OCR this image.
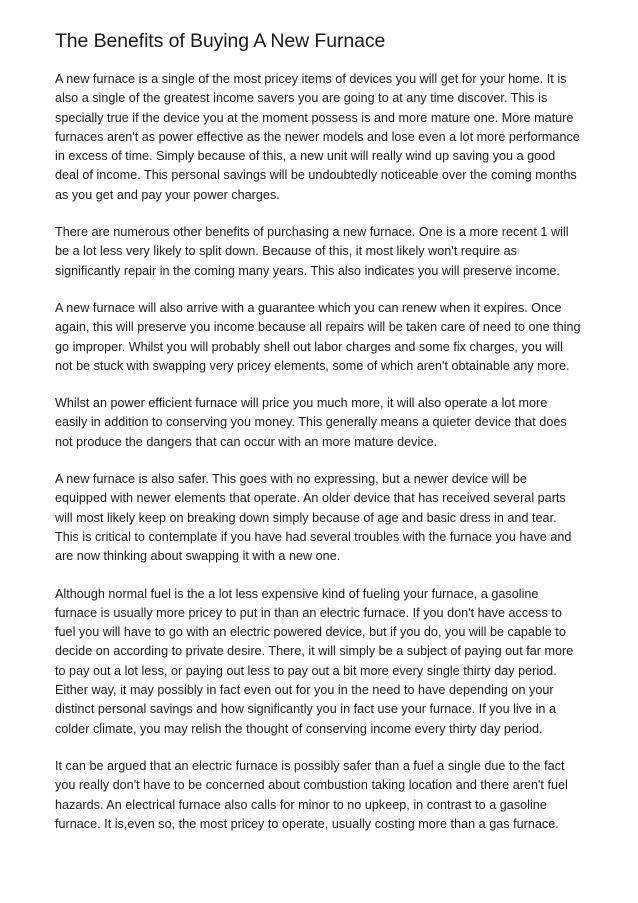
The Benefits of Buying A New Furnace

A new furnace is a single of the most pricey items of devices you will get for your home. It is also a single of the greatest income savers you are going to at any time discover. This is specially true if the device you at the moment possess is and more mature one. More mature furnaces aren't as power effective as the newer models and lose even a lot more performance in excess of time. Simply because of this, a new unit will really wind up saving you a good deal of income. This personal savings will be undoubtedly noticeable over the coming months as you get and pay your power charges.

There are numerous other benefits of purchasing a new furnace. One is a more recent 1 will be a lot less very likely to split down. Because of this, it most likely won't require as significantly repair in the coming many years. This also indicates you will preserve income.

A new furnace will also arrive with a guarantee which you can renew when it expires. Once again, this will preserve you income because all repairs will be taken care of need to one thing go improper. Whilst you will probably shell out labor charges and some fix charges, you will not be stuck with swapping very pricey elements, some of which aren't obtainable any more.

Whilst an power efficient furnace will price you much more, it will also operate a lot more easily in addition to conserving you money. This generally means a quieter device that does not produce the dangers that can occur with an more mature device.

A new furnace is also safer. This goes with no expressing, but a newer device will be equipped with newer elements that operate. An older device that has received several parts will most likely keep on breaking down simply because of age and basic dress in and tear. This is critical to contemplate if you have had several troubles with the furnace you have and are now thinking about swapping it with a new one.

Although normal fuel is the a lot less expensive kind of fueling your furnace, a gasoline furnace is usually more pricey to put in than an electric furnace. If you don't have access to fuel you will have to go with an electric powered device, but if you do, you will be capable to decide on according to private desire. There, it will simply be a subject of paying out far more to pay out a lot less, or paying out less to pay out a bit more every single thirty day period. Either way, it may possibly in fact even out for you in the need to have depending on your distinct personal savings and how significantly you in fact use your furnace. If you live in a colder climate, you may relish the thought of conserving income every thirty day period.

It can be argued that an electric furnace is possibly safer than a fuel a single due to the fact you really don't have to be concerned about combustion taking location and there aren't fuel hazards. An electrical furnace also calls for minor to no upkeep, in contrast to a gasoline furnace. It is,even so, the most pricey to operate, usually costing more than a gas furnace.
